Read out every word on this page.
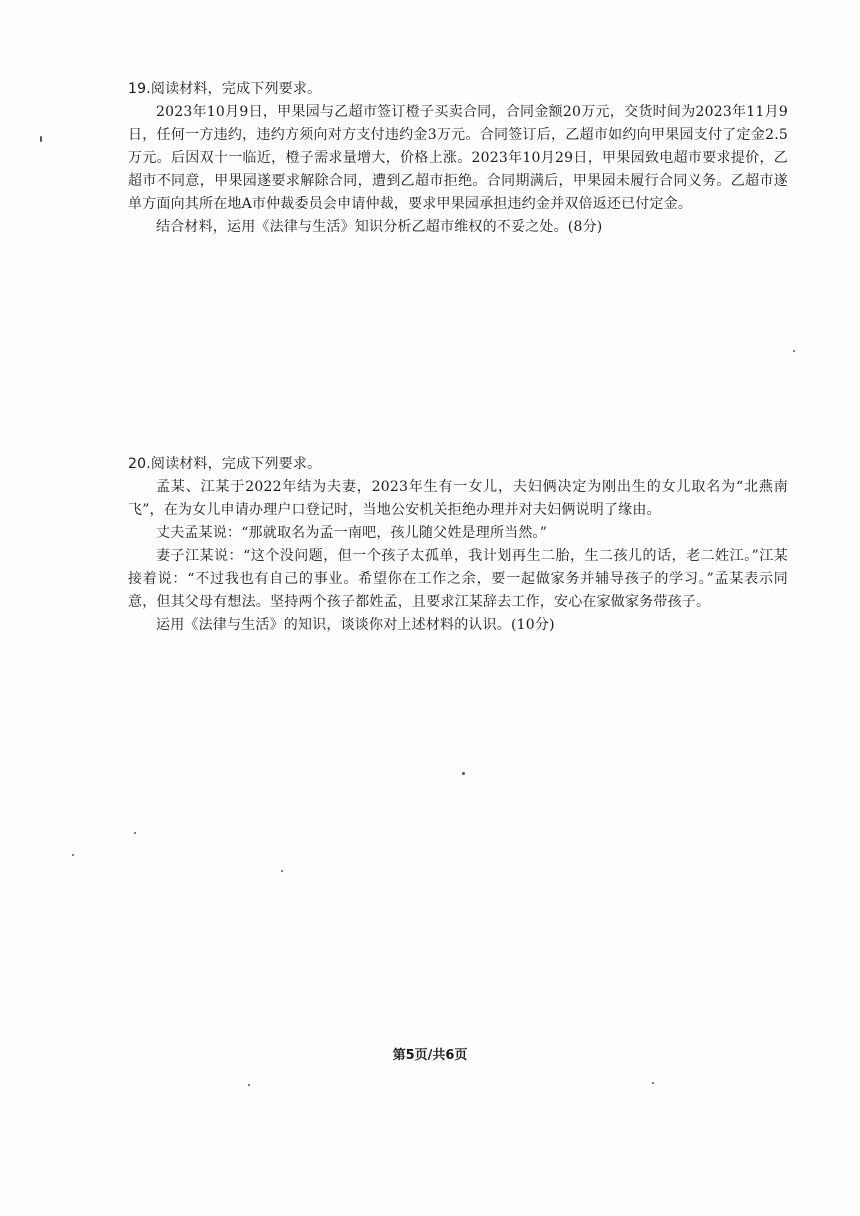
19.阅读材料，完成下列要求。

2023年10月9日，甲果园与乙超市签订橙子买卖合同，合同金额20万元，交货时间为2023年11月9日，任何一方违约，违约方须向对方支付违约金3万元。合同签订后，乙超市如约向甲果园支付了定金2.5万元。后因双十一临近，橙子需求量增大，价格上涨。2023年10月29日，甲果园致电超市要求提价，乙超市不同意，甲果园遂要求解除合同，遭到乙超市拒绝。合同期满后，甲果园未履行合同义务。乙超市遂单方面向其所在地A市仲裁委员会申请仲裁，要求甲果园承担违约金并双倍返还已付定金。

结合材料，运用《法律与生活》知识分析乙超市维权的不妥之处。(8分)

20.阅读材料，完成下列要求。

孟某、江某于2022年结为夫妻，2023年生有一女儿，夫妇俩决定为刚出生的女儿取名为“北燕南飞”，在为女儿申请办理户口登记时，当地公安机关拒绝办理并对夫妇俩说明了缘由。

丈夫孟某说：“那就取名为孟一南吧，孩儿随父姓是理所当然。”

妻子江某说：“这个没问题，但一个孩子太孤单，我计划再生二胎，生二孩儿的话，老二姓江。”江某接着说：“不过我也有自己的事业。希望你在工作之余，要一起做家务并辅导孩子的学习。”孟某表示同意，但其父母有想法。坚持两个孩子都姓孟，且要求江某辞去工作，安心在家做家务带孩子。

运用《法律与生活》的知识，谈谈你对上述材料的认识。(10分)

第5页/共6页
